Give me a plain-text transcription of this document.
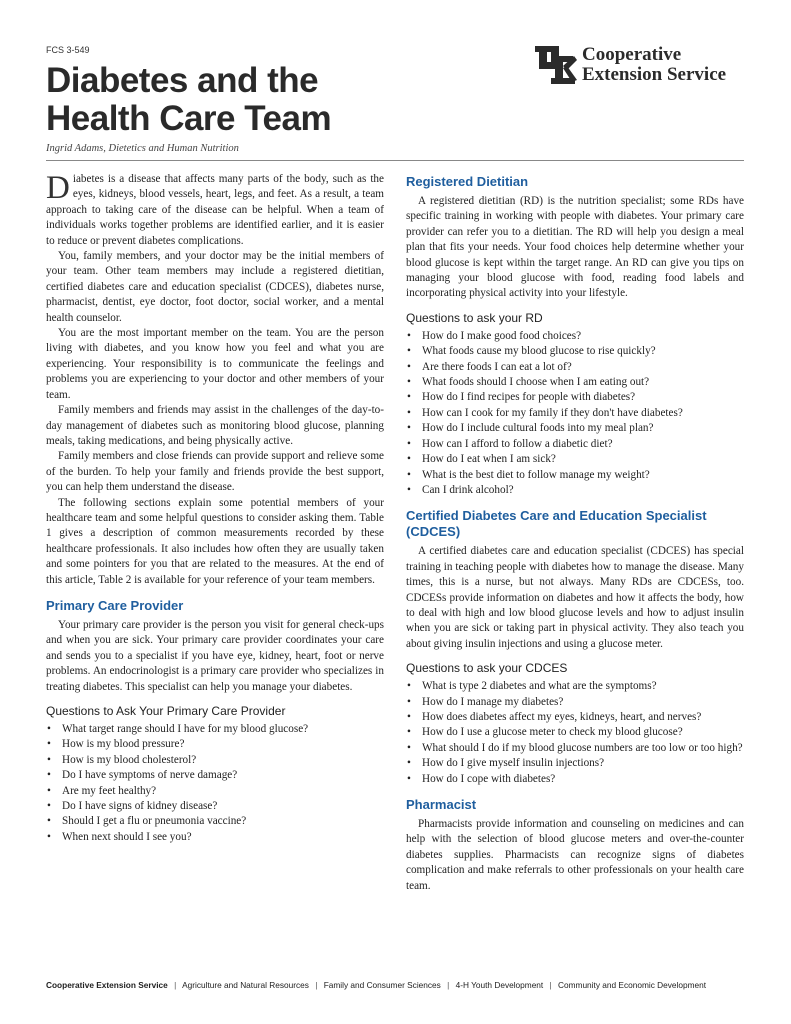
FCS 3-549
Diabetes and the
Health Care Team
Ingrid Adams, Dietetics and Human Nutrition
Cooperative
Extension Service

Diabetes is a disease that affects many parts of the body, such as the eyes, kidneys, blood vessels, heart, legs, and feet. As a result, a team approach to taking care of the disease can be helpful. When a team of individuals works together problems are identified earlier, and it is easier to reduce or prevent diabetes complications.

You, family members, and your doctor may be the initial members of your team. Other team members may include a registered dietitian, certified diabetes care and education specialist (CDCES), diabetes nurse, pharmacist, dentist, eye doctor, foot doctor, social worker, and a mental health counselor.

You are the most important member on the team. You are the person living with diabetes, and you know how you feel and what you are experiencing. Your responsibility is to communicate the feelings and problems you are experiencing to your doctor and other members of your team.

Family members and friends may assist in the challenges of the day-to-day management of diabetes such as monitoring blood glucose, planning meals, taking medications, and being physically active.

Family members and close friends can provide support and relieve some of the burden. To help your family and friends provide the best support, you can help them understand the disease.

The following sections explain some potential members of your healthcare team and some helpful questions to consider asking them. Table 1 gives a description of common measurements recorded by these healthcare professionals. It also includes how often they are usually taken and some pointers for you that are related to the measures. At the end of this article, Table 2 is available for your reference of your team members.

Primary Care Provider

Your primary care provider is the person you visit for general check-ups and when you are sick. Your primary care provider coordinates your care and sends you to a specialist if you have eye, kidney, heart, foot or nerve problems. An endocrinologist is a primary care provider who specializes in treating diabetes. This specialist can help you manage your diabetes.

Questions to Ask Your Primary Care Provider
• What target range should I have for my blood glucose?
• How is my blood pressure?
• How is my blood cholesterol?
• Do I have symptoms of nerve damage?
• Are my feet healthy?
• Do I have signs of kidney disease?
• Should I get a flu or pneumonia vaccine?
• When next should I see you?
Registered Dietitian

A registered dietitian (RD) is the nutrition specialist; some RDs have specific training in working with people with diabetes. Your primary care provider can refer you to a dietitian. The RD will help you design a meal plan that fits your needs. Your food choices help determine whether your blood glucose is kept within the target range. An RD can give you tips on managing your blood glucose with food, reading food labels and incorporating physical activity into your lifestyle.

Questions to ask your RD
• How do I make good food choices?
• What foods cause my blood glucose to rise quickly?
• Are there foods I can eat a lot of?
• What foods should I choose when I am eating out?
• How do I find recipes for people with diabetes?
• How can I cook for my family if they don't have diabetes?
• How do I include cultural foods into my meal plan?
• How can I afford to follow a diabetic diet?
• How do I eat when I am sick?
• What is the best diet to follow manage my weight?
• Can I drink alcohol?
Certified Diabetes Care and Education Specialist (CDCES)

A certified diabetes care and education specialist (CDCES) has special training in teaching people with diabetes how to manage the disease. Many times, this is a nurse, but not always. Many RDs are CDCESs, too. CDCESs provide information on diabetes and how it affects the body, how to deal with high and low blood glucose levels and how to adjust insulin when you are sick or taking part in physical activity. They also teach you about giving insulin injections and using a glucose meter.

Questions to ask your CDCES
• What is type 2 diabetes and what are the symptoms?
• How do I manage my diabetes?
• How does diabetes affect my eyes, kidneys, heart, and nerves?
• How do I use a glucose meter to check my blood glucose?
• What should I do if my blood glucose numbers are too low or too high?
• How do I give myself insulin injections?
• How do I cope with diabetes?
Pharmacist

Pharmacists provide information and counseling on medicines and can help with the selection of blood glucose meters and over-the-counter diabetes supplies. Pharmacists can recognize signs of diabetes complication and make referrals to other professionals on your health care team.

Cooperative Extension Service | Agriculture and Natural Resources | Family and Consumer Sciences | 4-H Youth Development | Community and Economic Development
